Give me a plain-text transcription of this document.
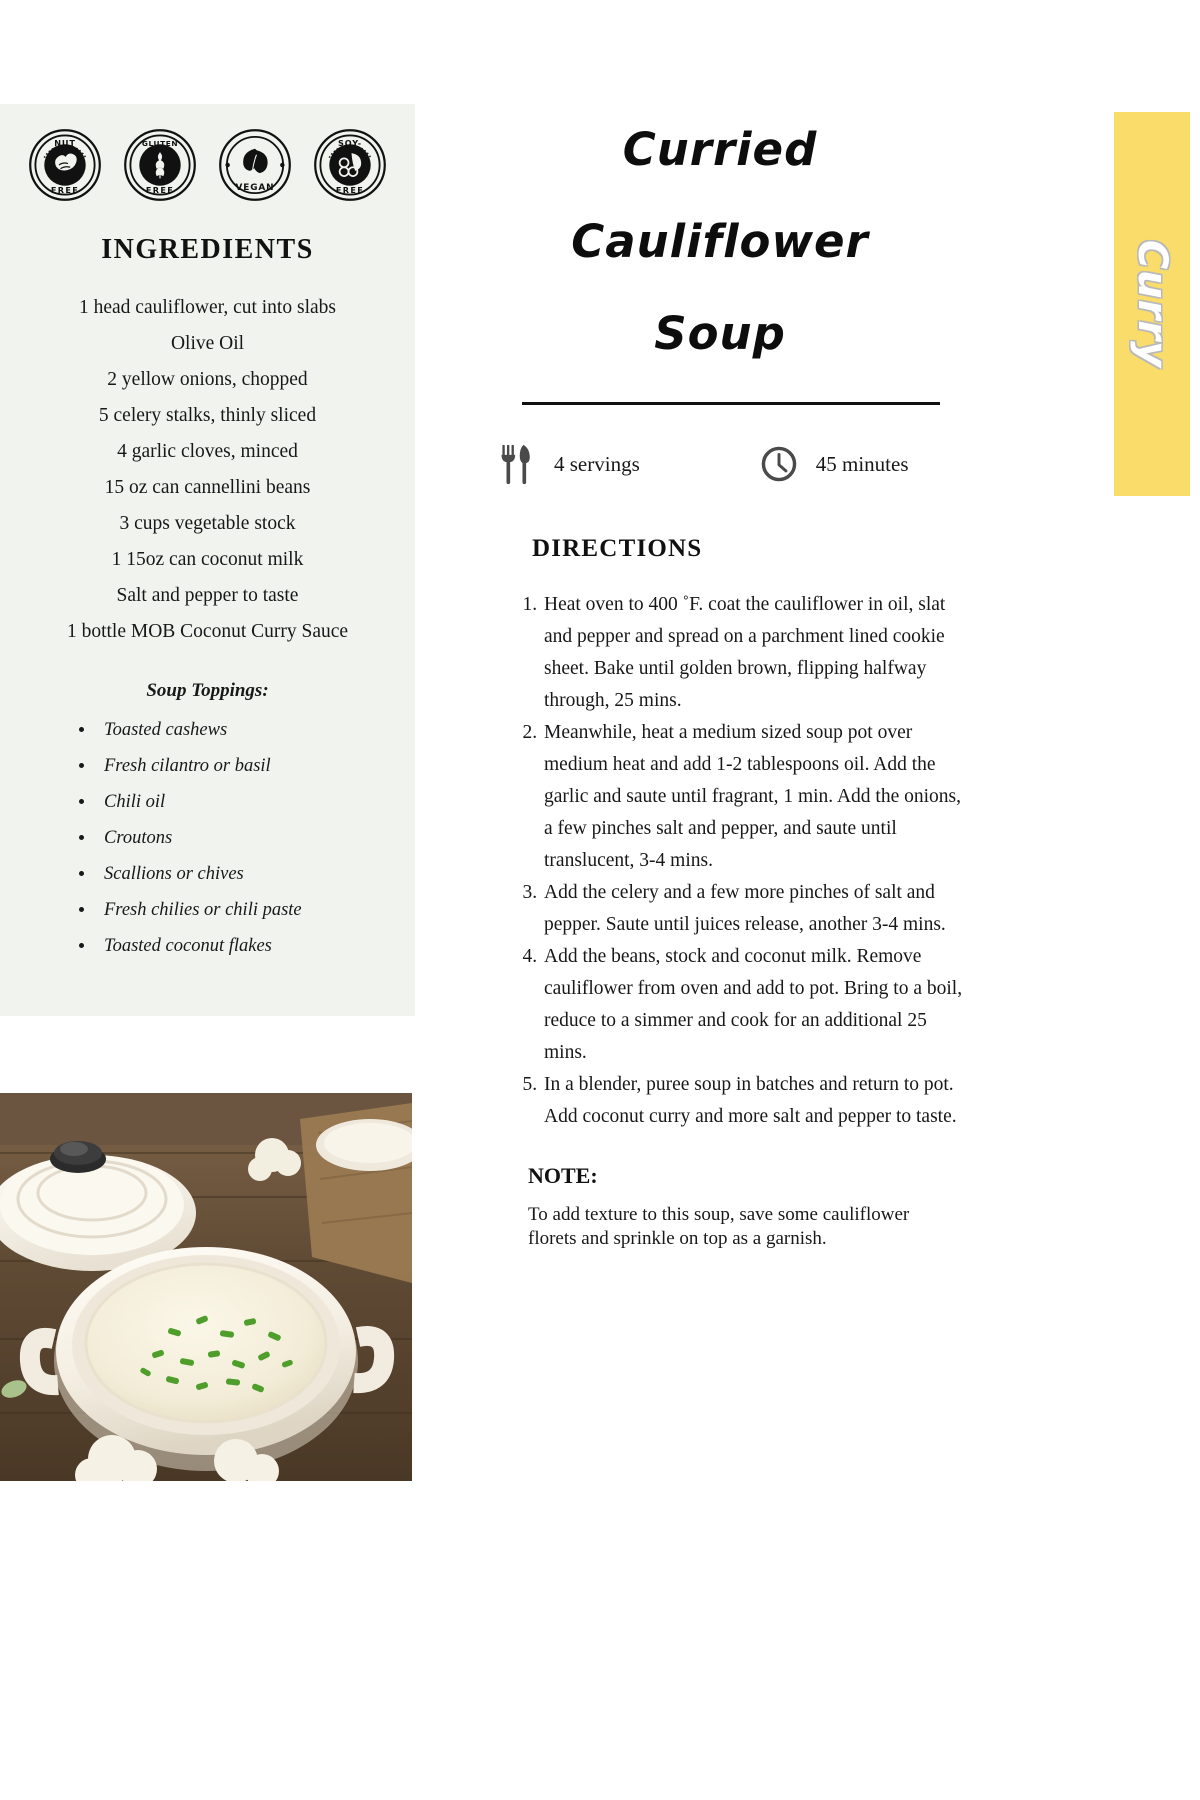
NUT
FREE
GLUTEN
FREE	VEGAN
SOY-
FREE
INGREDIENTS
1 head cauliflower, cut into slabs
Olive Oil
2 yellow onions, chopped
5 celery stalks, thinly sliced
4 garlic cloves, minced
15 oz can cannellini beans
3 cups vegetable stock
1 15oz can coconut milk
Salt and pepper to taste
1 bottle MOB Coconut Curry Sauce
Soup Toppings:
• Toasted cashews
• Fresh cilantro or basil
• Chili oil
• Croutons
• Scallions or chives
• Fresh chilies or chili paste
• Toasted coconut flakes
Curried Cauliflower
Soup
4 servings	45 minutes
DIRECTIONS
1. Heat oven to 400 ˚F. coat the cauliflower in oil, slat and pepper and spread on a parchment lined cookie sheet. Bake until golden brown, flipping halfway through, 25 mins.
2. Meanwhile, heat a medium sized soup pot over medium heat and add 1-2 tablespoons oil. Add the garlic and saute until fragrant, 1 min. Add the onions, a few pinches salt and pepper, and saute until translucent, 3-4 mins.
3. Add the celery and a few more pinches of salt and pepper. Saute until juices release, another 3-4 mins.
4. Add the beans, stock and coconut milk. Remove cauliflower from oven and add to pot. Bring to a boil, reduce to a simmer and cook for an additional 25 mins.
5. In a blender, puree soup in batches and return to pot. Add coconut curry and more salt and pepper to taste.
NOTE:
To add texture to this soup, save some cauliflower florets and sprinkle on top as a garnish.
Curry
